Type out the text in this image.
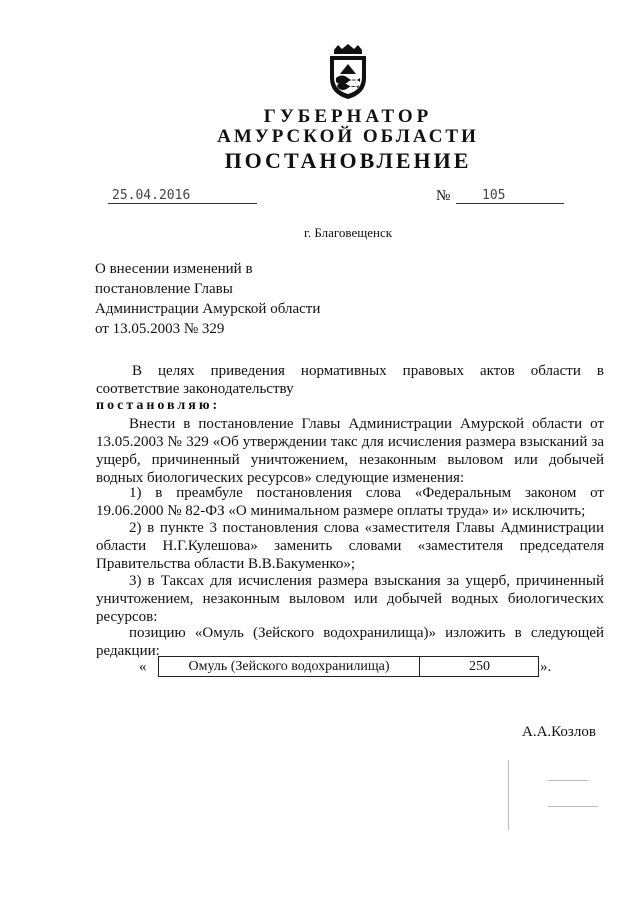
ГУБЕРНАТОР
АМУРСКОЙ ОБЛАСТИ
ПОСТАНОВЛЕНИЕ
25.04.2016	№	105
г. Благовещенск
О внесении изменений в постановление Главы Администрации Амурской области от 13.05.2003 № 329
В целях приведения нормативных правовых актов области в соответствие законодательству
постановляю:
Внести в постановление Главы Администрации Амурской области от 13.05.2003 № 329 «Об утверждении такс для исчисления размера взысканий за ущерб, причиненный уничтожением, незаконным выловом или добычей водных биологических ресурсов» следующие изменения:
1) в преамбуле постановления слова «Федеральным законом от 19.06.2000 № 82-ФЗ «О минимальном размере оплаты труда» и» исключить;
2) в пункте 3 постановления слова «заместителя Главы Администрации области Н.Г.Кулешова» заменить словами «заместителя председателя Правительства области В.В.Бакуменко»;
3) в Таксах для исчисления размера взыскания за ущерб, причиненный уничтожением, незаконным выловом или добычей водных биологических ресурсов:
позицию «Омуль (Зейского водохранилища)» изложить в следующей редакции:
«	Омуль (Зейского водохранилища)	250	».
А.А.Козлов
